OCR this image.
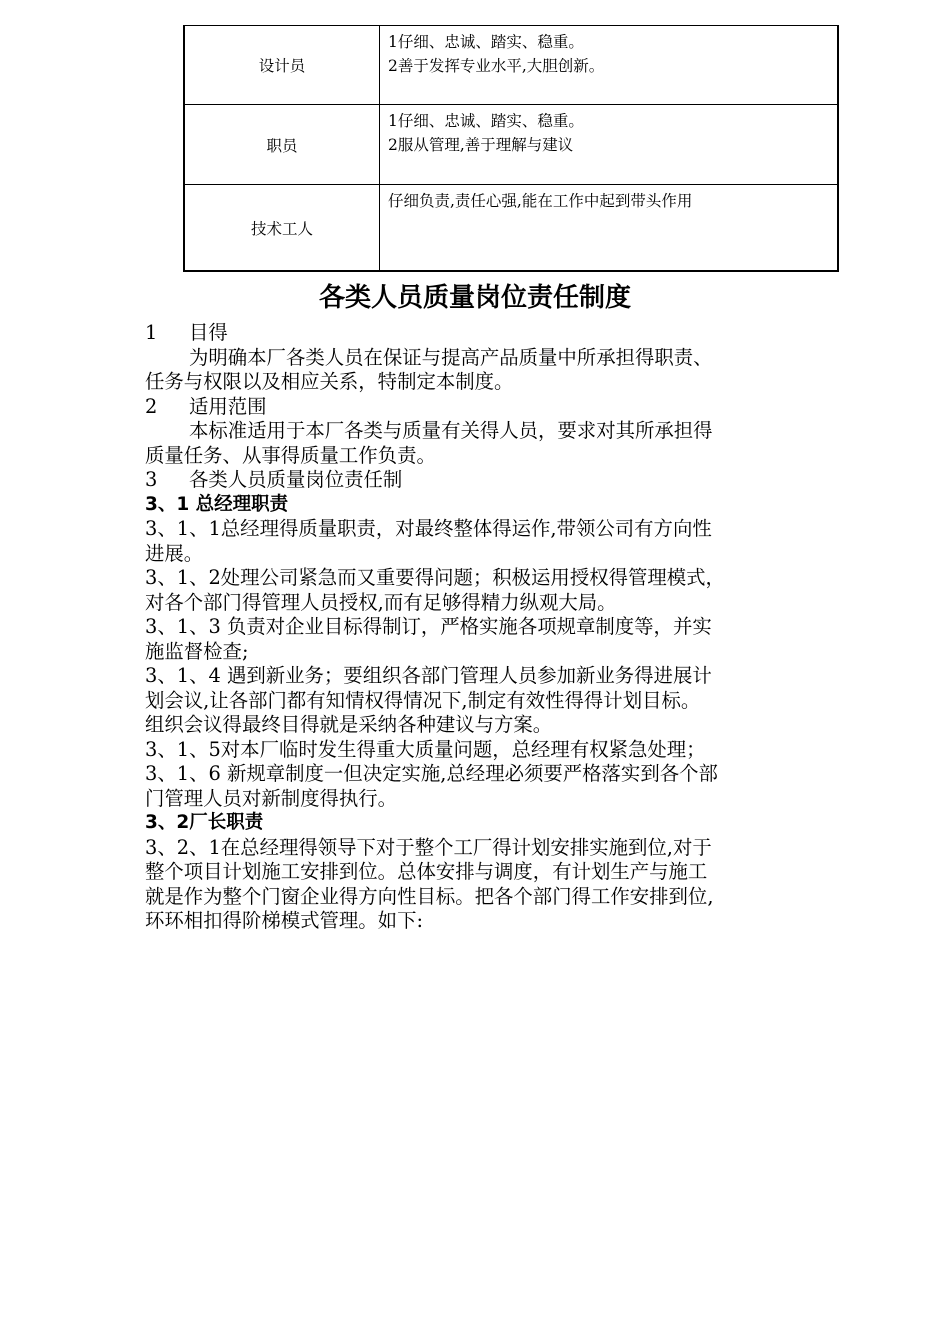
设计员
1仔细、忠诚、踏实、稳重。
2善于发挥专业水平,大胆创新。
职员
1仔细、忠诚、踏实、稳重。
2服从管理,善于理解与建议
技术工人
仔细负责,责任心强,能在工作中起到带头作用
各类人员质量岗位责任制度

1 目得

为明确本厂各类人员在保证与提高产品质量中所承担得职责、

任务与权限以及相应关系，特制定本制度。

2 适用范围

本标准适用于本厂各类与质量有关得人员，要求对其所承担得

质量任务、从事得质量工作负责。

3 各类人员质量岗位责任制

3、1 总经理职责

3、1、1总经理得质量职责，对最终整体得运作,带领公司有方向性

进展。

3、1、2处理公司紧急而又重要得问题；积极运用授权得管理模式，

对各个部门得管理人员授权,而有足够得精力纵观大局。

3、1、3 负责对企业目标得制订，严格实施各项规章制度等，并实

施监督检查;

3、1、4 遇到新业务；要组织各部门管理人员参加新业务得进展计

划会议,让各部门都有知情权得情况下,制定有效性得得计划目标。

组织会议得最终目得就是采纳各种建议与方案。

3、1、5对本厂临时发生得重大质量问题，总经理有权紧急处理；

3、1、6 新规章制度一但决定实施,总经理必须要严格落实到各个部

门管理人员对新制度得执行。

3、2厂长职责

3、2、1在总经理得领导下对于整个工厂得计划安排实施到位,对于

整个项目计划施工安排到位。总体安排与调度，有计划生产与施工

就是作为整个门窗企业得方向性目标。把各个部门得工作安排到位,

环环相扣得阶梯模式管理。如下:
